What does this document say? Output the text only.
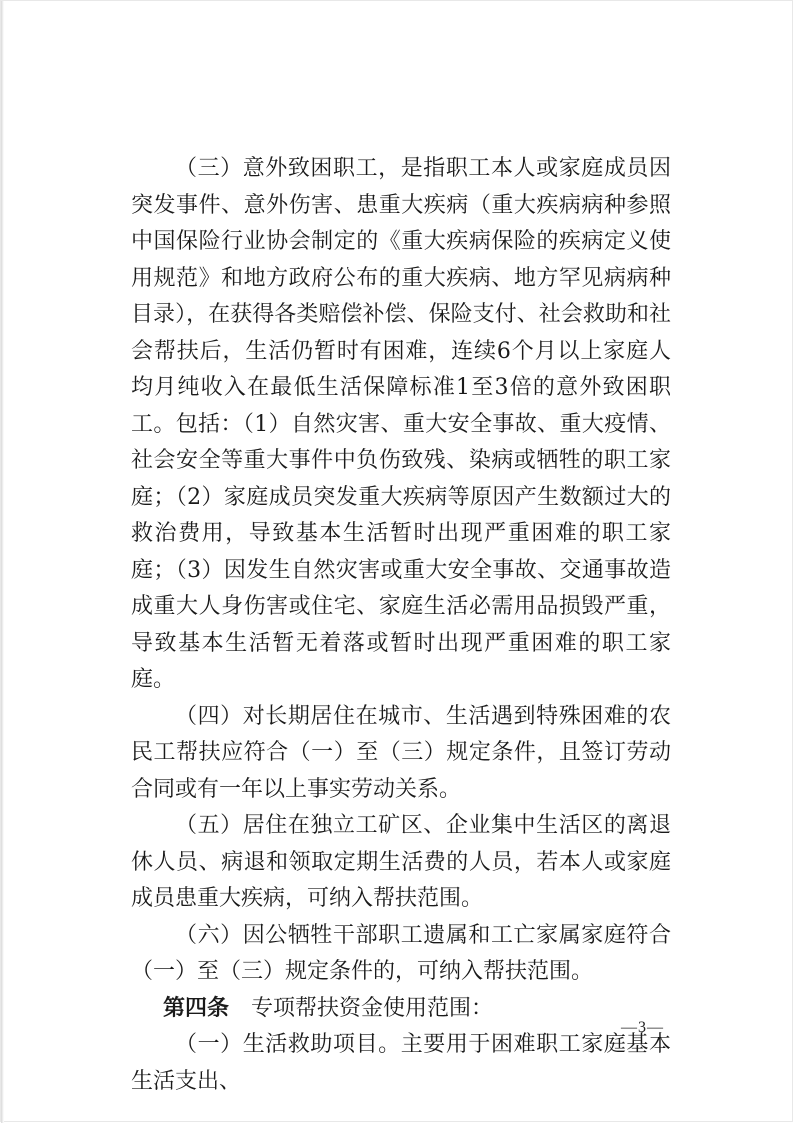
（三）意外致困职工，是指职工本人或家庭成员因突发事件、意外伤害、患重大疾病（重大疾病病种参照中国保险行业协会制定的《重大疾病保险的疾病定义使用规范》和地方政府公布的重大疾病、地方罕见病病种目录），在获得各类赔偿补偿、保险支付、社会救助和社会帮扶后，生活仍暂时有困难，连续6个月以上家庭人均月纯收入在最低生活保障标准1至3倍的意外致困职工。包括：（1）自然灾害、重大安全事故、重大疫情、社会安全等重大事件中负伤致残、染病或牺牲的职工家庭；（2）家庭成员突发重大疾病等原因产生数额过大的救治费用，导致基本生活暂时出现严重困难的职工家庭；（3）因发生自然灾害或重大安全事故、交通事故造成重大人身伤害或住宅、家庭生活必需用品损毁严重，导致基本生活暂无着落或暂时出现严重困难的职工家庭。

（四）对长期居住在城市、生活遇到特殊困难的农民工帮扶应符合（一）至（三）规定条件，且签订劳动合同或有一年以上事实劳动关系。

（五）居住在独立工矿区、企业集中生活区的离退休人员、病退和领取定期生活费的人员，若本人或家庭成员患重大疾病，可纳入帮扶范围。

（六）因公牺牲干部职工遗属和工亡家属家庭符合（一）至（三）规定条件的，可纳入帮扶范围。

第四条 专项帮扶资金使用范围：

（一）生活救助项目。主要用于困难职工家庭基本生活支出、

—3—
